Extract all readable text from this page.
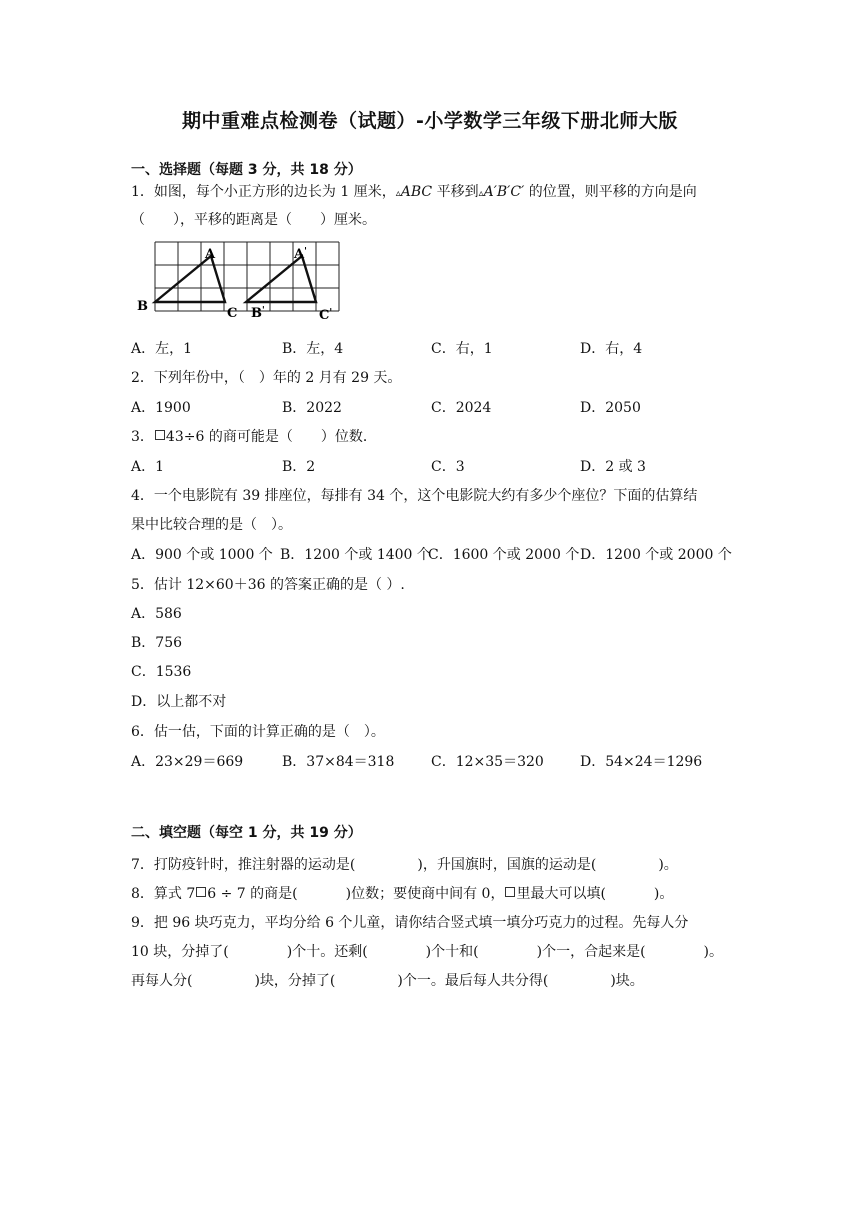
期中重难点检测卷（试题）-小学数学三年级下册北师大版
一、选择题（每题 3 分，共 18 分）
1．如图，每个小正方形的边长为 1 厘米，▵ABC 平移到▵A′B′C′ 的位置，则平移的方向是向
（　　），平移的距离是（　　）厘米。
A
B	C
A'
B'	C'
A．左，1	B．左，4	C．右，1	D．右，4
2．下列年份中，（　）年的 2 月有 29 天。
A．1900	B．2022	C．2024	D．2050
3． 43÷6 的商可能是（　　）位数．
A．1	B．2	C．3	D．2 或 3
4．一个电影院有 39 排座位，每排有 34 个，这个电影院大约有多少个座位？下面的估算结
果中比较合理的是（　）。
A．900 个或 1000 个 B．1200 个或 1400 个
C．1600 个或 2000 个 D．1200 个或 2000 个
5．估计 12×60＋36 的答案正确的是（ ）.
A．586
B．756
C．1536
D．以上都不对
6．估一估，下面的计算正确的是（　）。
A．23×29＝669	B．37×84＝318	C．12×35＝320	D．54×24＝1296
二、填空题（每空 1 分，共 19 分）
7．打防疫针时，推注射器的运动是(	)，升国旗时，国旗的运动是(	)。
8．算式 7 6 ÷ 7 的商是(	)位数；要使商中间有 0， 里最大可以填(	)。
9．把 96 块巧克力，平均分给 6 个儿童，请你结合竖式填一填分巧克力的过程。先每人分
10 块，分掉了(	)个十。还剩(	)个十和(	)个一，合起来是(	)。
再每人分(	)块，分掉了(	)个一。最后每人共分得(	)块。
